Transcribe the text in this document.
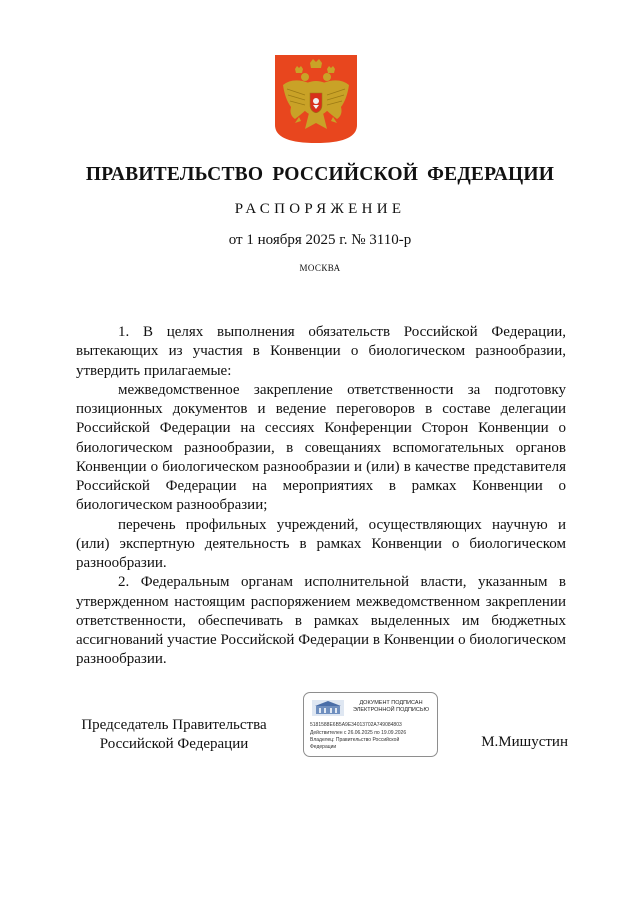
ПРАВИТЕЛЬСТВО РОССИЙСКОЙ ФЕДЕРАЦИИ
РАСПОРЯЖЕНИЕ
от 1 ноября 2025 г. № 3110-р
МОСКВА

1. В целях выполнения обязательств Российской Федерации, вытекающих из участия в Конвенции о биологическом разнообразии, утвердить прилагаемые:

межведомственное закрепление ответственности за подготовку позиционных документов и ведение переговоров в составе делегации Российской Федерации на сессиях Конференции Сторон Конвенции о биологическом разнообразии, в совещаниях вспомогательных органов Конвенции о биологическом разнообразии и (или) в качестве представителя Российской Федерации на мероприятиях в рамках Конвенции о биологическом разнообразии;

перечень профильных учреждений, осуществляющих научную и (или) экспертную деятельность в рамках Конвенции о биологическом разнообразии.

2. Федеральным органам исполнительной власти, указанным в утвержденном настоящим распоряжением межведомственном закреплении ответственности, обеспечивать в рамках выделенных им бюджетных ассигнований участие Российской Федерации в Конвенции о биологическом разнообразии.

Председатель Правительства
Российской Федерации
ДОКУМЕНТ ПОДПИСАН
ЭЛЕКТРОННОЙ ПОДПИСЬЮ
5181588E6B5A9E34013702A749084803
Действителен с 26.06.2025 по 19.09.2026
Владелец: Правительство Российской
Федерации	М.Мишустин
